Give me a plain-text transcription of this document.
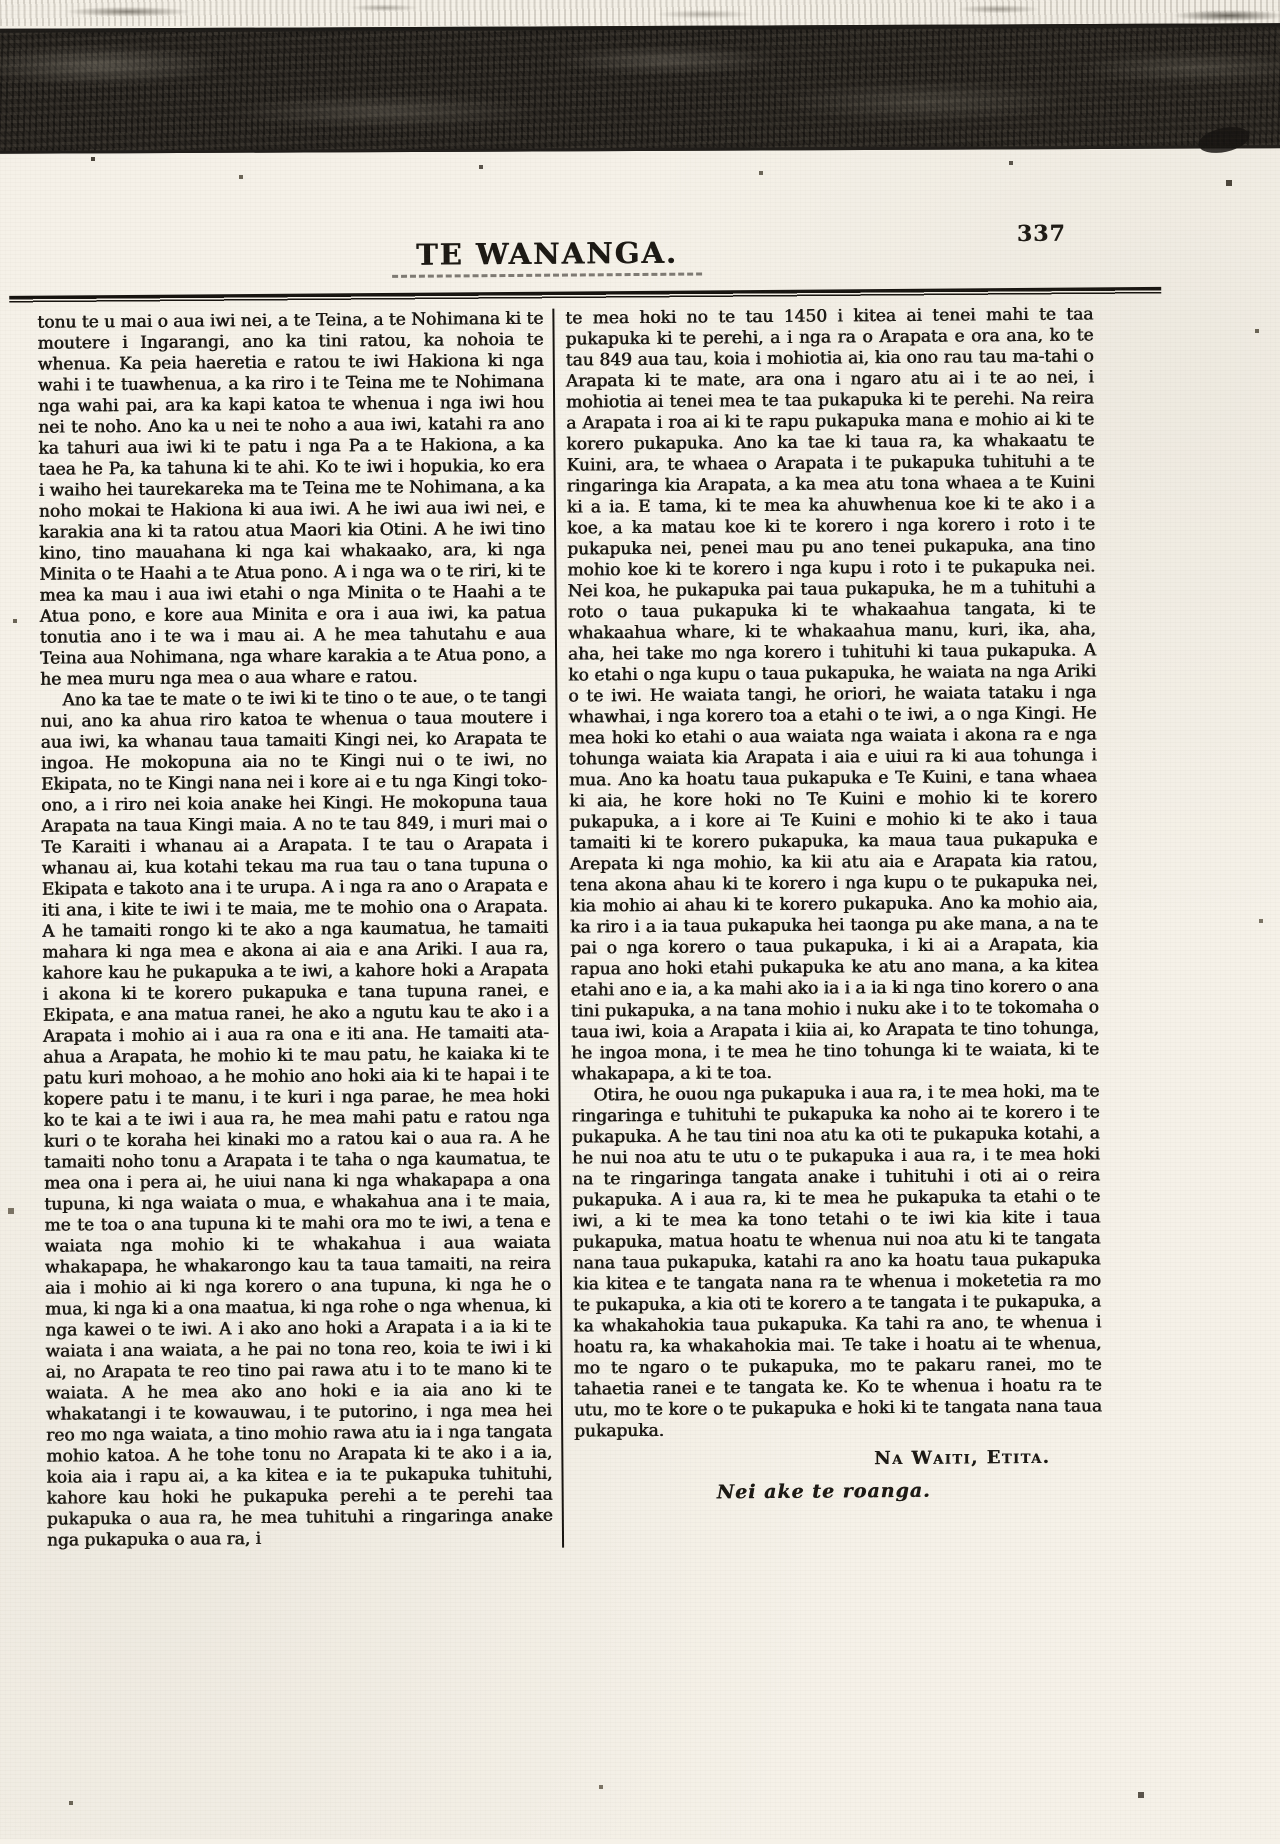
TE WANANGA.
337

tonu te u mai o aua iwi nei, a te Teina, a te Nohimana ki te moutere i Ingarangi, ano ka tini ratou, ka nohoia te whenua. Ka peia haeretia e ratou te iwi Hakiona ki nga wahi i te tuawhenua, a ka riro i te Teina me te Nohimana nga wahi pai, ara ka kapi katoa te whenua i nga iwi hou nei te noho. Ano ka u nei te noho a aua iwi, katahi ra ano ka tahuri aua iwi ki te patu i nga Pa a te Hakiona, a ka taea he Pa, ka tahuna ki te ahi. Ko te iwi i hopukia, ko era i waiho hei taurekareka ma te Teina me te Nohimana, a ka noho mokai te Hakiona ki aua iwi. A he iwi aua iwi nei, e karakia ana ki ta ratou atua Maori kia Otini. A he iwi tino kino, tino mauahana ki nga kai whakaako, ara, ki nga Minita o te Haahi a te Atua pono. A i nga wa o te riri, ki te mea ka mau i aua iwi etahi o nga Minita o te Haahi a te Atua pono, e kore aua Minita e ora i aua iwi, ka patua tonutia ano i te wa i mau ai. A he mea tahutahu e aua Teina aua Nohimana, nga whare karakia a te Atua pono, a he mea muru nga mea o aua whare e ratou.

Ano ka tae te mate o te iwi ki te tino o te aue, o te tangi nui, ano ka ahua riro katoa te whenua o taua moutere i aua iwi, ka whanau taua tamaiti Kingi nei, ko Arapata te ingoa. He mokopuna aia no te Kingi nui o te iwi, no Ekipata, no te Kingi nana nei i kore ai e tu nga Kingi toko-ono, a i riro nei koia anake hei Kingi. He mokopuna taua Arapata na taua Kingi maia. A no te tau 849, i muri mai o Te Karaiti i whanau ai a Arapata. I te tau o Arapata i whanau ai, kua kotahi tekau ma rua tau o tana tupuna o Ekipata e takoto ana i te urupa. A i nga ra ano o Arapata e iti ana, i kite te iwi i te maia, me te mohio ona o Arapata. A he tamaiti rongo ki te ako a nga kaumatua, he tamaiti mahara ki nga mea e akona ai aia e ana Ariki. I aua ra, kahore kau he pukapuka a te iwi, a kahore hoki a Arapata i akona ki te korero pukapuka e tana tupuna ranei, e Ekipata, e ana matua ranei, he ako a ngutu kau te ako i a Arapata i mohio ai i aua ra ona e iti ana. He tamaiti ata-ahua a Arapata, he mohio ki te mau patu, he kaiaka ki te patu kuri mohoao, a he mohio ano hoki aia ki te hapai i te kopere patu i te manu, i te kuri i nga parae, he mea hoki ko te kai a te iwi i aua ra, he mea mahi patu e ratou nga kuri o te koraha hei kinaki mo a ratou kai o aua ra. A he tamaiti noho tonu a Arapata i te taha o nga kaumatua, te mea ona i pera ai, he uiui nana ki nga whakapapa a ona tupuna, ki nga waiata o mua, e whakahua ana i te maia, me te toa o ana tupuna ki te mahi ora mo te iwi, a tena e waiata nga mohio ki te whakahua i aua waiata whakapapa, he whakarongo kau ta taua tamaiti, na reira aia i mohio ai ki nga korero o ana tupuna, ki nga he o mua, ki nga ki a ona maatua, ki nga rohe o nga whenua, ki nga kawei o te iwi. A i ako ano hoki a Arapata i a ia ki te waiata i ana waiata, a he pai no tona reo, koia te iwi i ki ai, no Arapata te reo tino pai rawa atu i to te mano ki te waiata. A he mea ako ano hoki e ia aia ano ki te whakatangi i te kowauwau, i te putorino, i nga mea hei reo mo nga waiata, a tino mohio rawa atu ia i nga tangata mohio katoa. A he tohe tonu no Arapata ki te ako i a ia, koia aia i rapu ai, a ka kitea e ia te pukapuka tuhituhi, kahore kau hoki he pukapuka perehi a te perehi taa pukapuka o aua ra, he mea tuhituhi a ringaringa anake nga pukapuka o aua ra, i

te mea hoki no te tau 1450 i kitea ai tenei mahi te taa pukapuka ki te perehi, a i nga ra o Arapata e ora ana, ko te tau 849 aua tau, koia i mohiotia ai, kia ono rau tau ma-tahi o Arapata ki te mate, ara ona i ngaro atu ai i te ao nei, i mohiotia ai tenei mea te taa pukapuka ki te perehi. Na reira a Arapata i roa ai ki te rapu pukapuka mana e mohio ai ki te korero pukapuka. Ano ka tae ki taua ra, ka whakaatu te Kuini, ara, te whaea o Arapata i te pukapuka tuhituhi a te ringaringa kia Arapata, a ka mea atu tona whaea a te Kuini ki a ia. E tama, ki te mea ka ahuwhenua koe ki te ako i a koe, a ka matau koe ki te korero i nga korero i roto i te pukapuka nei, penei mau pu ano tenei pukapuka, ana tino mohio koe ki te korero i nga kupu i roto i te pukapuka nei. Nei koa, he pukapuka pai taua pukapuka, he m a tuhituhi a roto o taua pukapuka ki te whakaahua tangata, ki te whakaahua whare, ki te whakaahua manu, kuri, ika, aha, aha, hei take mo nga korero i tuhituhi ki taua pukapuka. A ko etahi o nga kupu o taua pukapuka, he waiata na nga Ariki o te iwi. He waiata tangi, he oriori, he waiata tataku i nga whawhai, i nga korero toa a etahi o te iwi, a o nga Kingi. He mea hoki ko etahi o aua waiata nga waiata i akona ra e nga tohunga waiata kia Arapata i aia e uiui ra ki aua tohunga i mua. Ano ka hoatu taua pukapuka e Te Kuini, e tana whaea ki aia, he kore hoki no Te Kuini e mohio ki te korero pukapuka, a i kore ai Te Kuini e mohio ki te ako i taua tamaiti ki te korero pukapuka, ka maua taua pukapuka e Arepata ki nga mohio, ka kii atu aia e Arapata kia ratou, tena akona ahau ki te korero i nga kupu o te pukapuka nei, kia mohio ai ahau ki te korero pukapuka. Ano ka mohio aia, ka riro i a ia taua pukapuka hei taonga pu ake mana, a na te pai o nga korero o taua pukapuka, i ki ai a Arapata, kia rapua ano hoki etahi pukapuka ke atu ano mana, a ka kitea etahi ano e ia, a ka mahi ako ia i a ia ki nga tino korero o ana tini pukapuka, a na tana mohio i nuku ake i to te tokomaha o taua iwi, koia a Arapata i kiia ai, ko Arapata te tino tohunga, he ingoa mona, i te mea he tino tohunga ki te waiata, ki te whakapapa, a ki te toa.

Otira, he ouou nga pukapuka i aua ra, i te mea hoki, ma te ringaringa e tuhituhi te pukapuka ka noho ai te korero i te pukapuka. A he tau tini noa atu ka oti te pukapuka kotahi, a he nui noa atu te utu o te pukapuka i aua ra, i te mea hoki na te ringaringa tangata anake i tuhituhi i oti ai o reira pukapuka. A i aua ra, ki te mea he pukapuka ta etahi o te iwi, a ki te mea ka tono tetahi o te iwi kia kite i taua pukapuka, matua hoatu te whenua nui noa atu ki te tangata nana taua pukapuka, katahi ra ano ka hoatu taua pukapuka kia kitea e te tangata nana ra te whenua i moketetia ra mo te pukapuka, a kia oti te korero a te tangata i te pukapuka, a ka whakahokia taua pukapuka. Ka tahi ra ano, te whenua i hoatu ra, ka whakahokia mai. Te take i hoatu ai te whenua, mo te ngaro o te pukapuka, mo te pakaru ranei, mo te tahaetia ranei e te tangata ke. Ko te whenua i hoatu ra te utu, mo te kore o te pukapuka e hoki ki te tangata nana taua pukapuka.

Na Waiti, Etita.
Nei ake te roanga.
